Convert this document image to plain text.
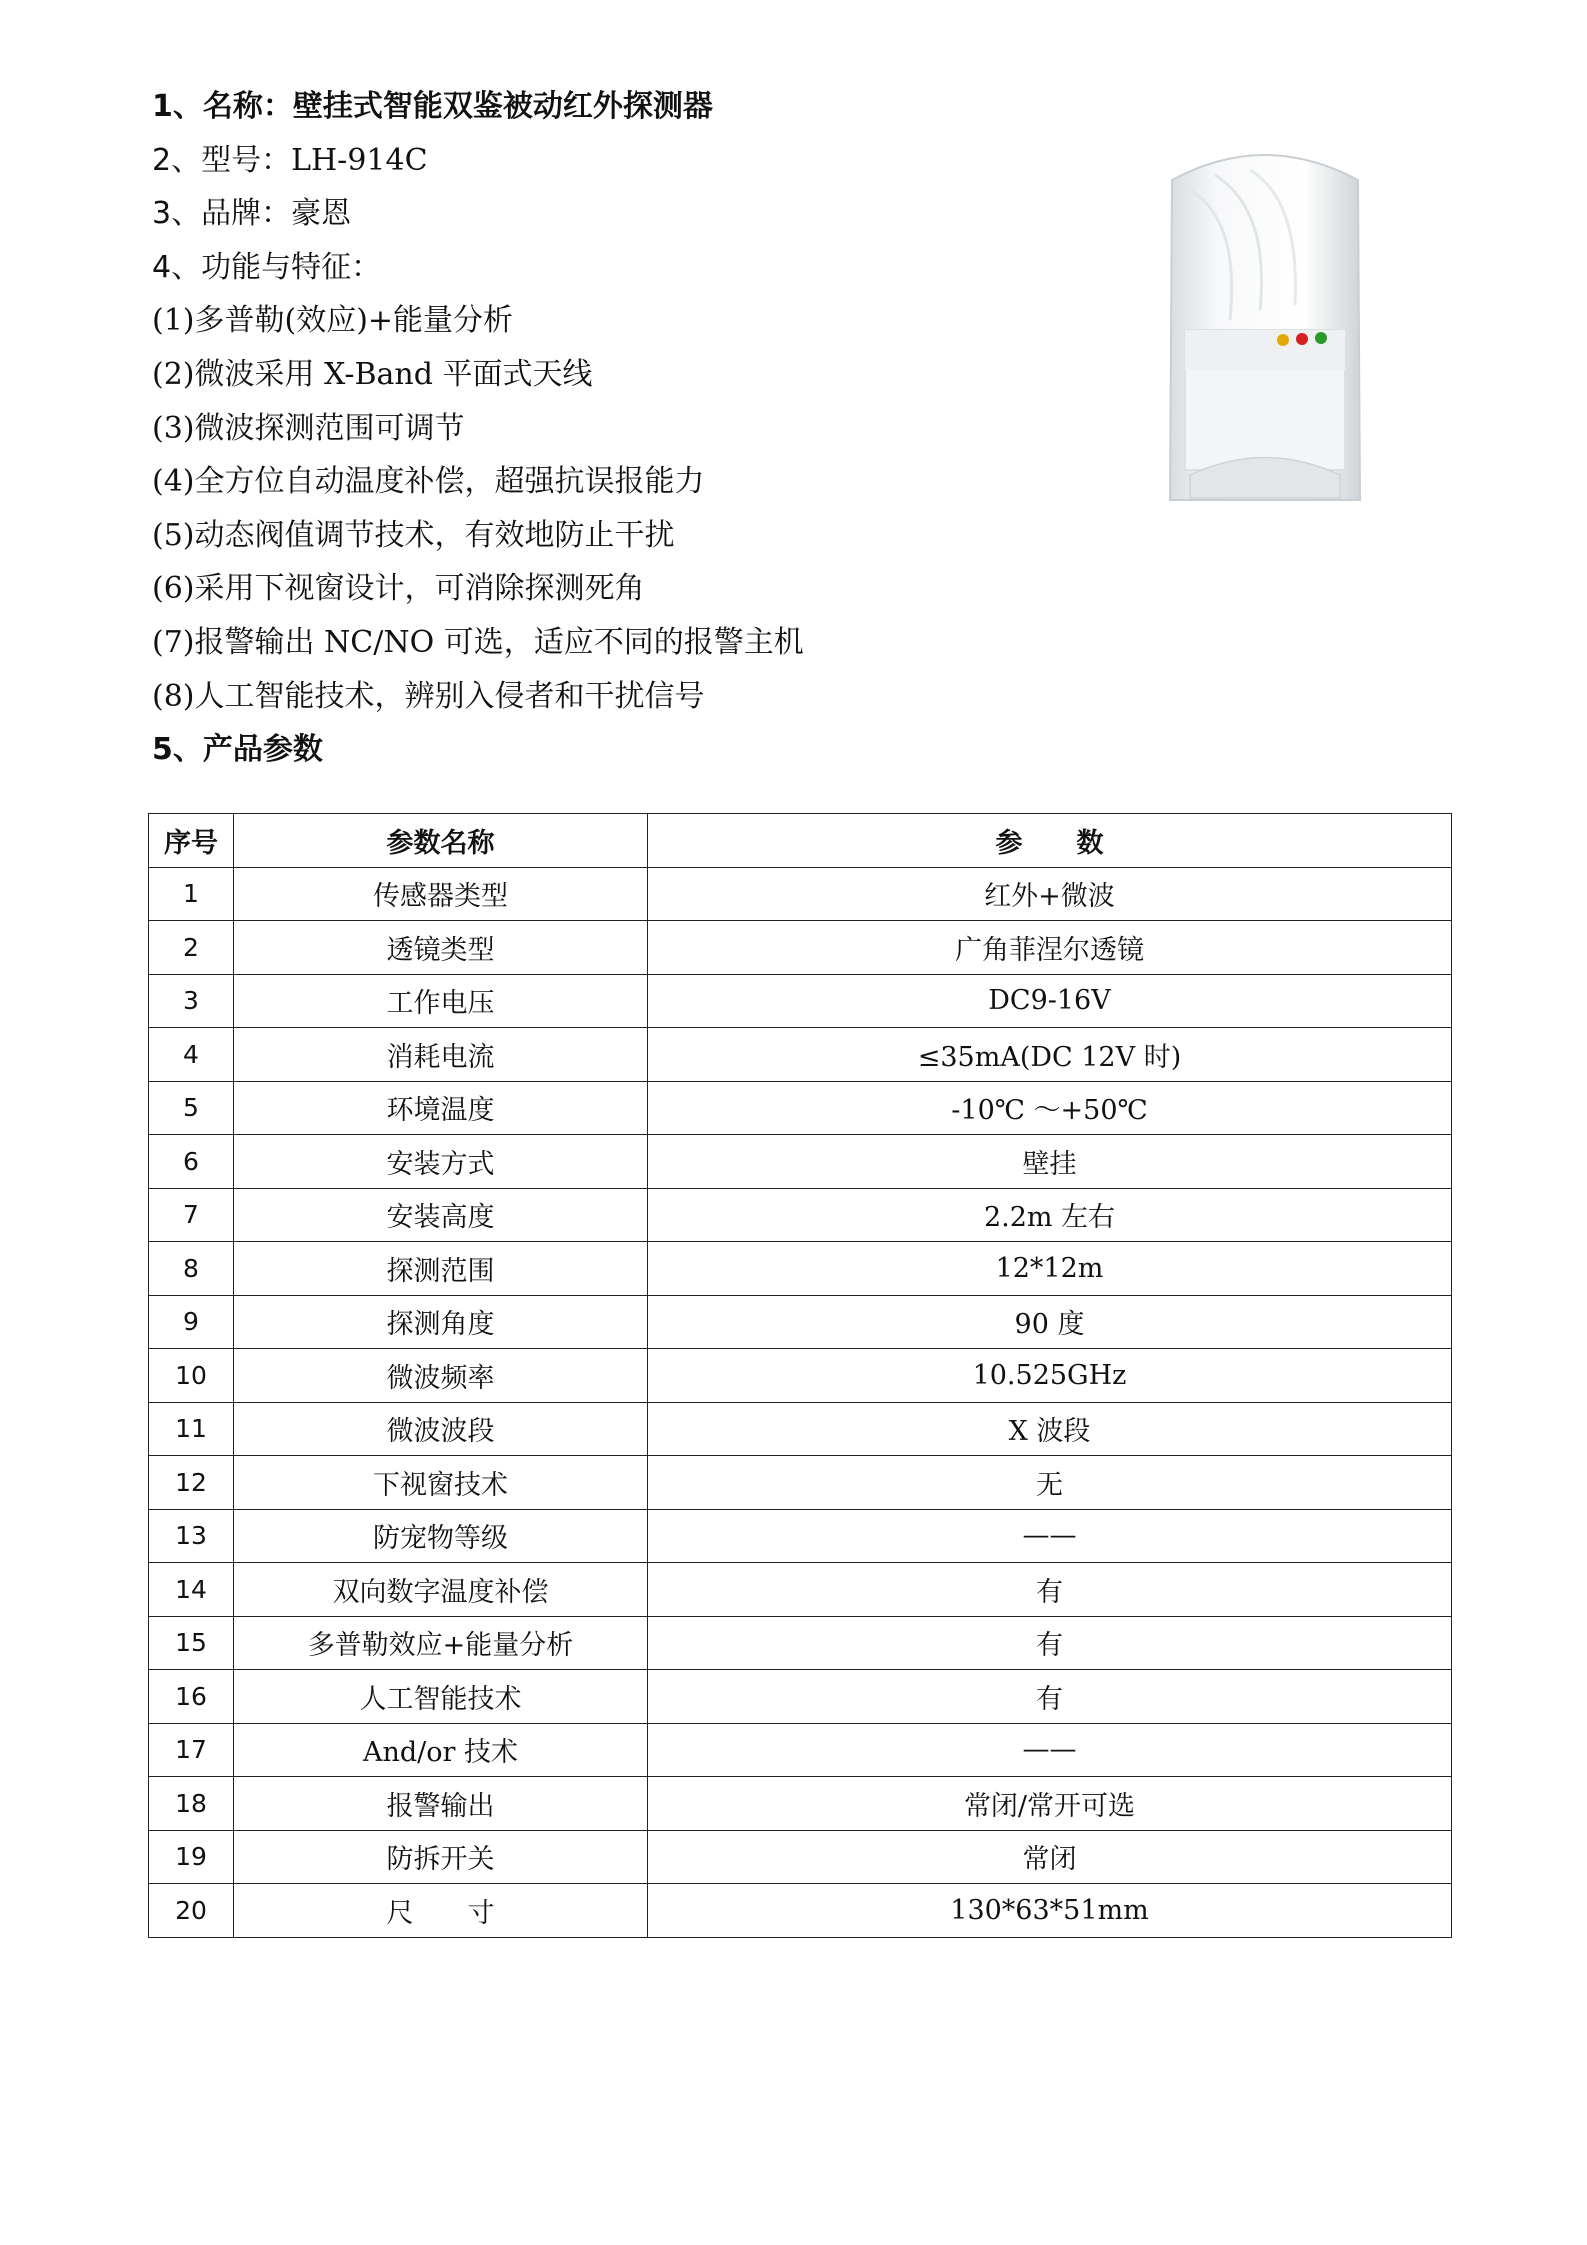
1、名称：壁挂式智能双鉴被动红外探测器
2、型号：LH-914C
3、品牌：豪恩
4、功能与特征：
(1)多普勒(效应)+能量分析
(2)微波采用 X-Band 平面式天线
(3)微波探测范围可调节
(4)全方位自动温度补偿，超强抗误报能力
(5)动态阀值调节技术，有效地防止干扰
(6)采用下视窗设计，可消除探测死角
(7)报警输出 NC/NO 可选，适应不同的报警主机
(8)人工智能技术，辨别入侵者和干扰信号
5、产品参数
序号	参数名称	参　　数
1	传感器类型	红外+微波
2	透镜类型	广角菲涅尔透镜
3	工作电压	DC9-16V
4	消耗电流	≤35mA(DC 12V 时)
5	环境温度	-10℃ ～+50℃
6	安装方式	壁挂
7	安装高度	2.2m 左右
8	探测范围	12*12m
9	探测角度	90 度
10	微波频率	10.525GHz
11	微波波段	X 波段
12	下视窗技术	无
13	防宠物等级	——
14	双向数字温度补偿	有
15	多普勒效应+能量分析	有
16	人工智能技术	有
17	And/or 技术	——
18	报警输出	常闭/常开可选
19	防拆开关	常闭
20	尺　　寸	130*63*51mm
